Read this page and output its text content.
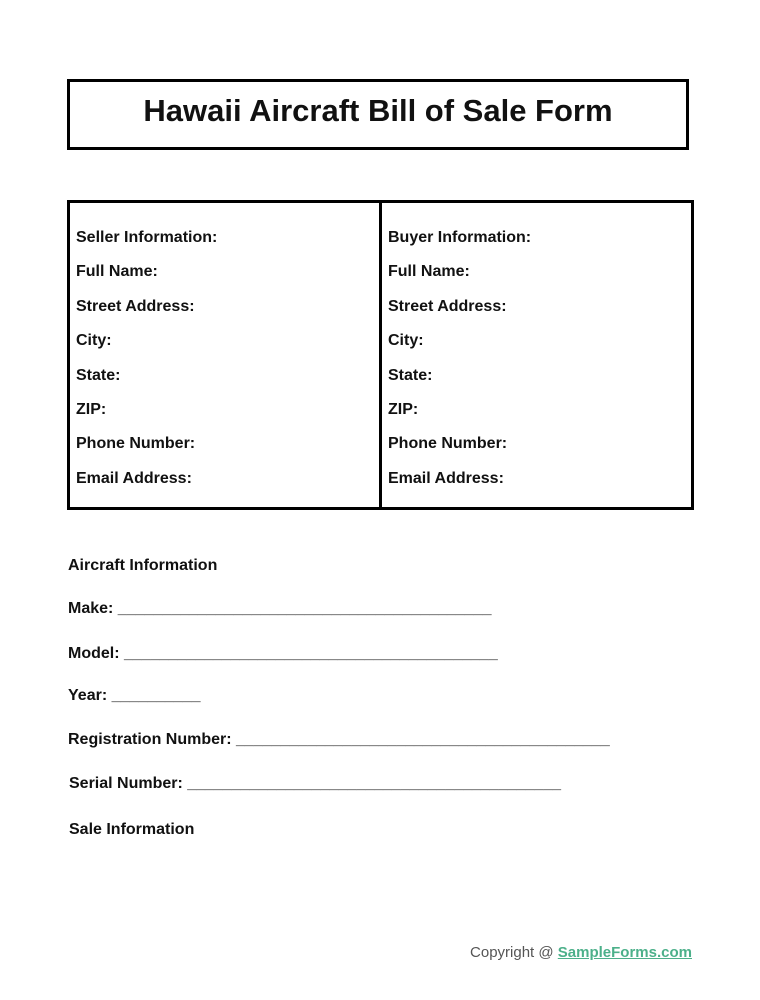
Hawaii Aircraft Bill of Sale Form
Seller Information:
Full Name:
Street Address:
City:
State:
ZIP:
Phone Number:
Email Address:
Buyer Information:
Full Name:
Street Address:
City:
State:
ZIP:
Phone Number:
Email Address:
Aircraft Information
Make: __________________________________________
Model: __________________________________________
Year: __________
Registration Number: __________________________________________
Serial Number: __________________________________________
Sale Information
Copyright @ SampleForms.com
